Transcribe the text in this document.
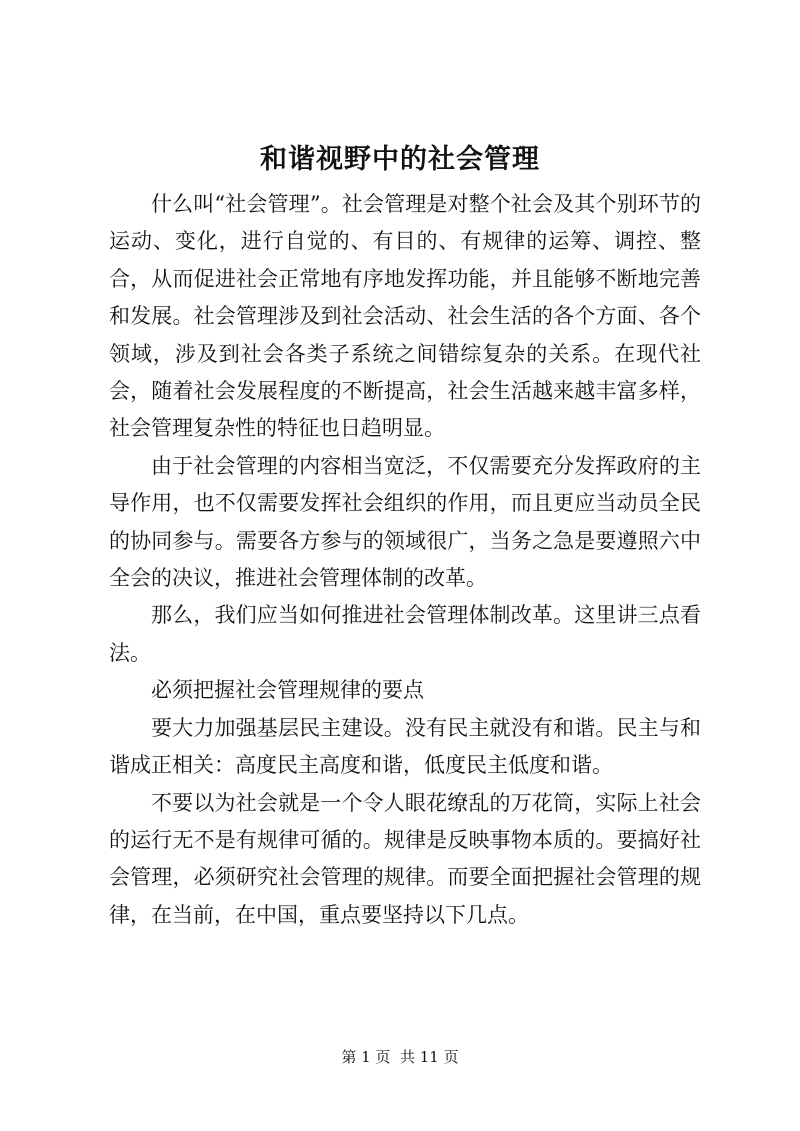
和谐视野中的社会管理

什么叫“社会管理”。社会管理是对整个社会及其个别环节的运动、变化，进行自觉的、有目的、有规律的运筹、调控、整合，从而促进社会正常地有序地发挥功能，并且能够不断地完善和发展。社会管理涉及到社会活动、社会生活的各个方面、各个领域，涉及到社会各类子系统之间错综复杂的关系。在现代社会，随着社会发展程度的不断提高，社会生活越来越丰富多样，社会管理复杂性的特征也日趋明显。

由于社会管理的内容相当宽泛，不仅需要充分发挥政府的主导作用，也不仅需要发挥社会组织的作用，而且更应当动员全民的协同参与。需要各方参与的领域很广，当务之急是要遵照六中全会的决议，推进社会管理体制的改革。

那么，我们应当如何推进社会管理体制改革。这里讲三点看法。

必须把握社会管理规律的要点

要大力加强基层民主建设。没有民主就没有和谐。民主与和谐成正相关：高度民主高度和谐，低度民主低度和谐。

不要以为社会就是一个令人眼花缭乱的万花筒，实际上社会的运行无不是有规律可循的。规律是反映事物本质的。要搞好社会管理，必须研究社会管理的规律。而要全面把握社会管理的规律，在当前，在中国，重点要坚持以下几点。

第 1 页  共 11 页
